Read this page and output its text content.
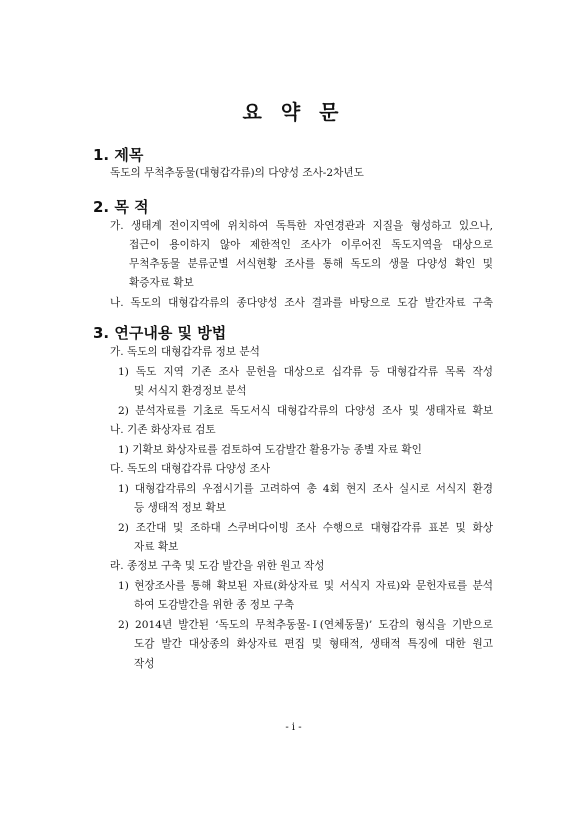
요 약 문
1. 제목
독도의 무척추동물(대형갑각류)의 다양성 조사-2차년도
2. 목 적
가. 생태계 전이지역에 위치하여 독특한 자연경관과 지질을 형성하고 있으나,
접근이 용이하지 않아 제한적인 조사가 이루어진 독도지역을 대상으로
무척추동물 분류군별 서식현황 조사를 통해 독도의 생물 다양성 확인 및
확증자료 확보
나. 독도의 대형갑각류의 종다양성 조사 결과를 바탕으로 도감 발간자료 구축
3. 연구내용 및 방법
가. 독도의 대형갑각류 정보 분석
1) 독도 지역 기존 조사 문헌을 대상으로 십각류 등 대형갑각류 목록 작성
및 서식지 환경정보 분석
2) 분석자료를 기초로 독도서식 대형갑각류의 다양성 조사 및 생태자료 확보
나. 기존 화상자료 검토
1) 기확보 화상자료를 검토하여 도감발간 활용가능 종별 자료 확인
다. 독도의 대형갑각류 다양성 조사
1) 대형갑각류의 우점시기를 고려하여 총 4회 현지 조사 실시로 서식지 환경
등 생태적 정보 확보
2) 조간대 및 조하대 스쿠버다이빙 조사 수행으로 대형갑각류 표본 및 화상
자료 확보
라. 종정보 구축 및 도감 발간을 위한 원고 작성
1) 현장조사를 통해 확보된 자료(화상자료 및 서식지 자료)와 문헌자료를 분석
하여 도감발간을 위한 종 정보 구축
2) 2014년 발간된 ‘독도의 무척추동물-Ⅰ(연체동물)’ 도감의 형식을 기반으로
도감 발간 대상종의 화상자료 편집 및 형태적, 생태적 특징에 대한 원고
작성
- i -
